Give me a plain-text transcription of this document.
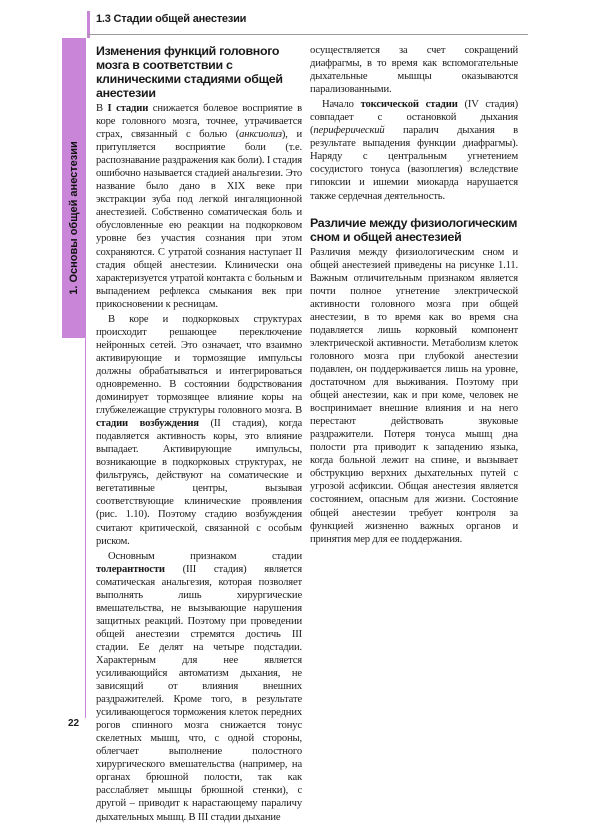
1.3 Стадии общей анестезии
1. Основы общей анестезии
22
Изменения функций головного мозга в соответствии с клиническими стадиями общей анестезии

В I стадии снижается болевое восприятие в коре головного мозга, точнее, утрачивается страх, связанный с болью (анксиолиз), и притупляется восприятие боли (т.е. распознавание раздражения как боли). I стадия ошибочно называется стадией анальгезии. Это название было дано в XIX веке при экстракции зуба под легкой ингаляционной анестезией. Собственно соматическая боль и обусловленные ею реакции на подкорковом уровне без участия сознания при этом сохраняются. С утратой сознания наступает II стадия общей анестезии. Клинически она характеризуется утратой контакта с больным и выпадением рефлекса смыкания век при прикосновении к ресницам.

В коре и подкорковых структурах происходит решающее переключение нейронных сетей. Это означает, что взаимно активирующие и тормозящие импульсы должны обрабатываться и интегрироваться одновременно. В состоянии бодрствования доминирует тормозящее влияние коры на глубжележащие структуры головного мозга. В стадии возбуждения (II стадия), когда подавляется активность коры, это влияние выпадает. Активирующие импульсы, возникающие в подкорковых структурах, не фильтруясь, действуют на соматические и вегетативные центры, вызывая соответствующие клинические проявления (рис. 1.10). Поэтому стадию возбуждения считают критической, связанной с особым риском.

Основным признаком стадии толерантности (III стадия) является соматическая анальгезия, которая позволяет выполнять лишь хирургические вмешательства, не вызывающие нарушения защитных реакций. Поэтому при проведении общей анестезии стремятся достичь III стадии. Ее делят на четыре подстадии. Характерным для нее является усиливающийся автоматизм дыхания, не зависящий от влияния внешних раздражителей. Кроме того, в результате усиливающегося торможения клеток передних рогов спинного мозга снижается тонус скелетных мышц, что, с одной стороны, облегчает выполнение полостного хирургического вмешательства (например, на органах брюшной полости, так как расслабляет мышцы брюшной стенки), с другой – приводит к нарастающему параличу дыхательных мышц. В III стадии дыхание

осуществляется за счет сокращений диафрагмы, в то время как вспомогательные дыхательные мышцы оказываются парализованными.

Начало токсической стадии (IV стадия) совпадает с остановкой дыхания (периферический паралич дыхания в результате выпадения функции диафрагмы). Наряду с центральным угнетением сосудистого тонуса (вазоплегия) вследствие гипоксии и ишемии миокарда нарушается также сердечная деятельность.

Различие между физиологическим сном и общей анестезией

Различия между физиологическим сном и общей анестезией приведены на рисунке 1.11. Важным отличительным признаком является почти полное угнетение электрической активности головного мозга при общей анестезии, в то время как во время сна подавляется лишь корковый компонент электрической активности. Метаболизм клеток головного мозга при глубокой анестезии подавлен, он поддерживается лишь на уровне, достаточном для выживания. Поэтому при общей анестезии, как и при коме, человек не воспринимает внешние влияния и на него перестают действовать звуковые раздражители. Потеря тонуса мышц дна полости рта приводит к западению языка, когда больной лежит на спине, и вызывает обструкцию верхних дыхательных путей с угрозой асфиксии. Общая анестезия является состоянием, опасным для жизни. Состояние общей анестезии требует контроля за функцией жизненно важных органов и принятия мер для ее поддержания.
